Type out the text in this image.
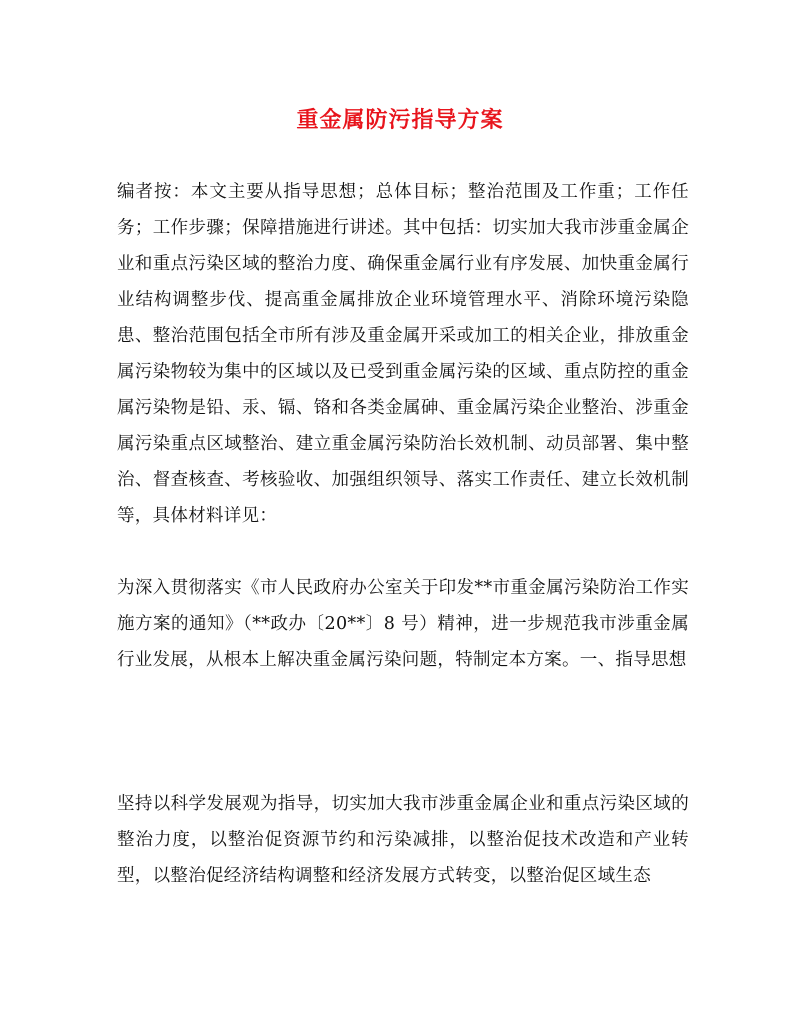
重金属防污指导方案
编者按：本文主要从指导思想；总体目标；整治范围及工作重；工作任务；工作步骤；保障措施进行讲述。其中包括：切实加大我市涉重金属企业和重点污染区域的整治力度、确保重金属行业有序发展、加快重金属行业结构调整步伐、提高重金属排放企业环境管理水平、消除环境污染隐患、整治范围包括全市所有涉及重金属开采或加工的相关企业，排放重金属污染物较为集中的区域以及已受到重金属污染的区域、重点防控的重金属污染物是铅、汞、镉、铬和各类金属砷、重金属污染企业整治、涉重金属污染重点区域整治、建立重金属污染防治长效机制、动员部署、集中整治、督查核查、考核验收、加强组织领导、落实工作责任、建立长效机制等，具体材料详见：
为深入贯彻落实《市人民政府办公室关于印发**市重金属污染防治工作实施方案的通知》（**政办〔20**〕8 号）精神，进一步规范我市涉重金属行业发展，从根本上解决重金属污染问题，特制定本方案。一、指导思想
坚持以科学发展观为指导，切实加大我市涉重金属企业和重点污染区域的整治力度，以整治促资源节约和污染减排，以整治促技术改造和产业转型，以整治促经济结构调整和经济发展方式转变，以整治促区域生态
